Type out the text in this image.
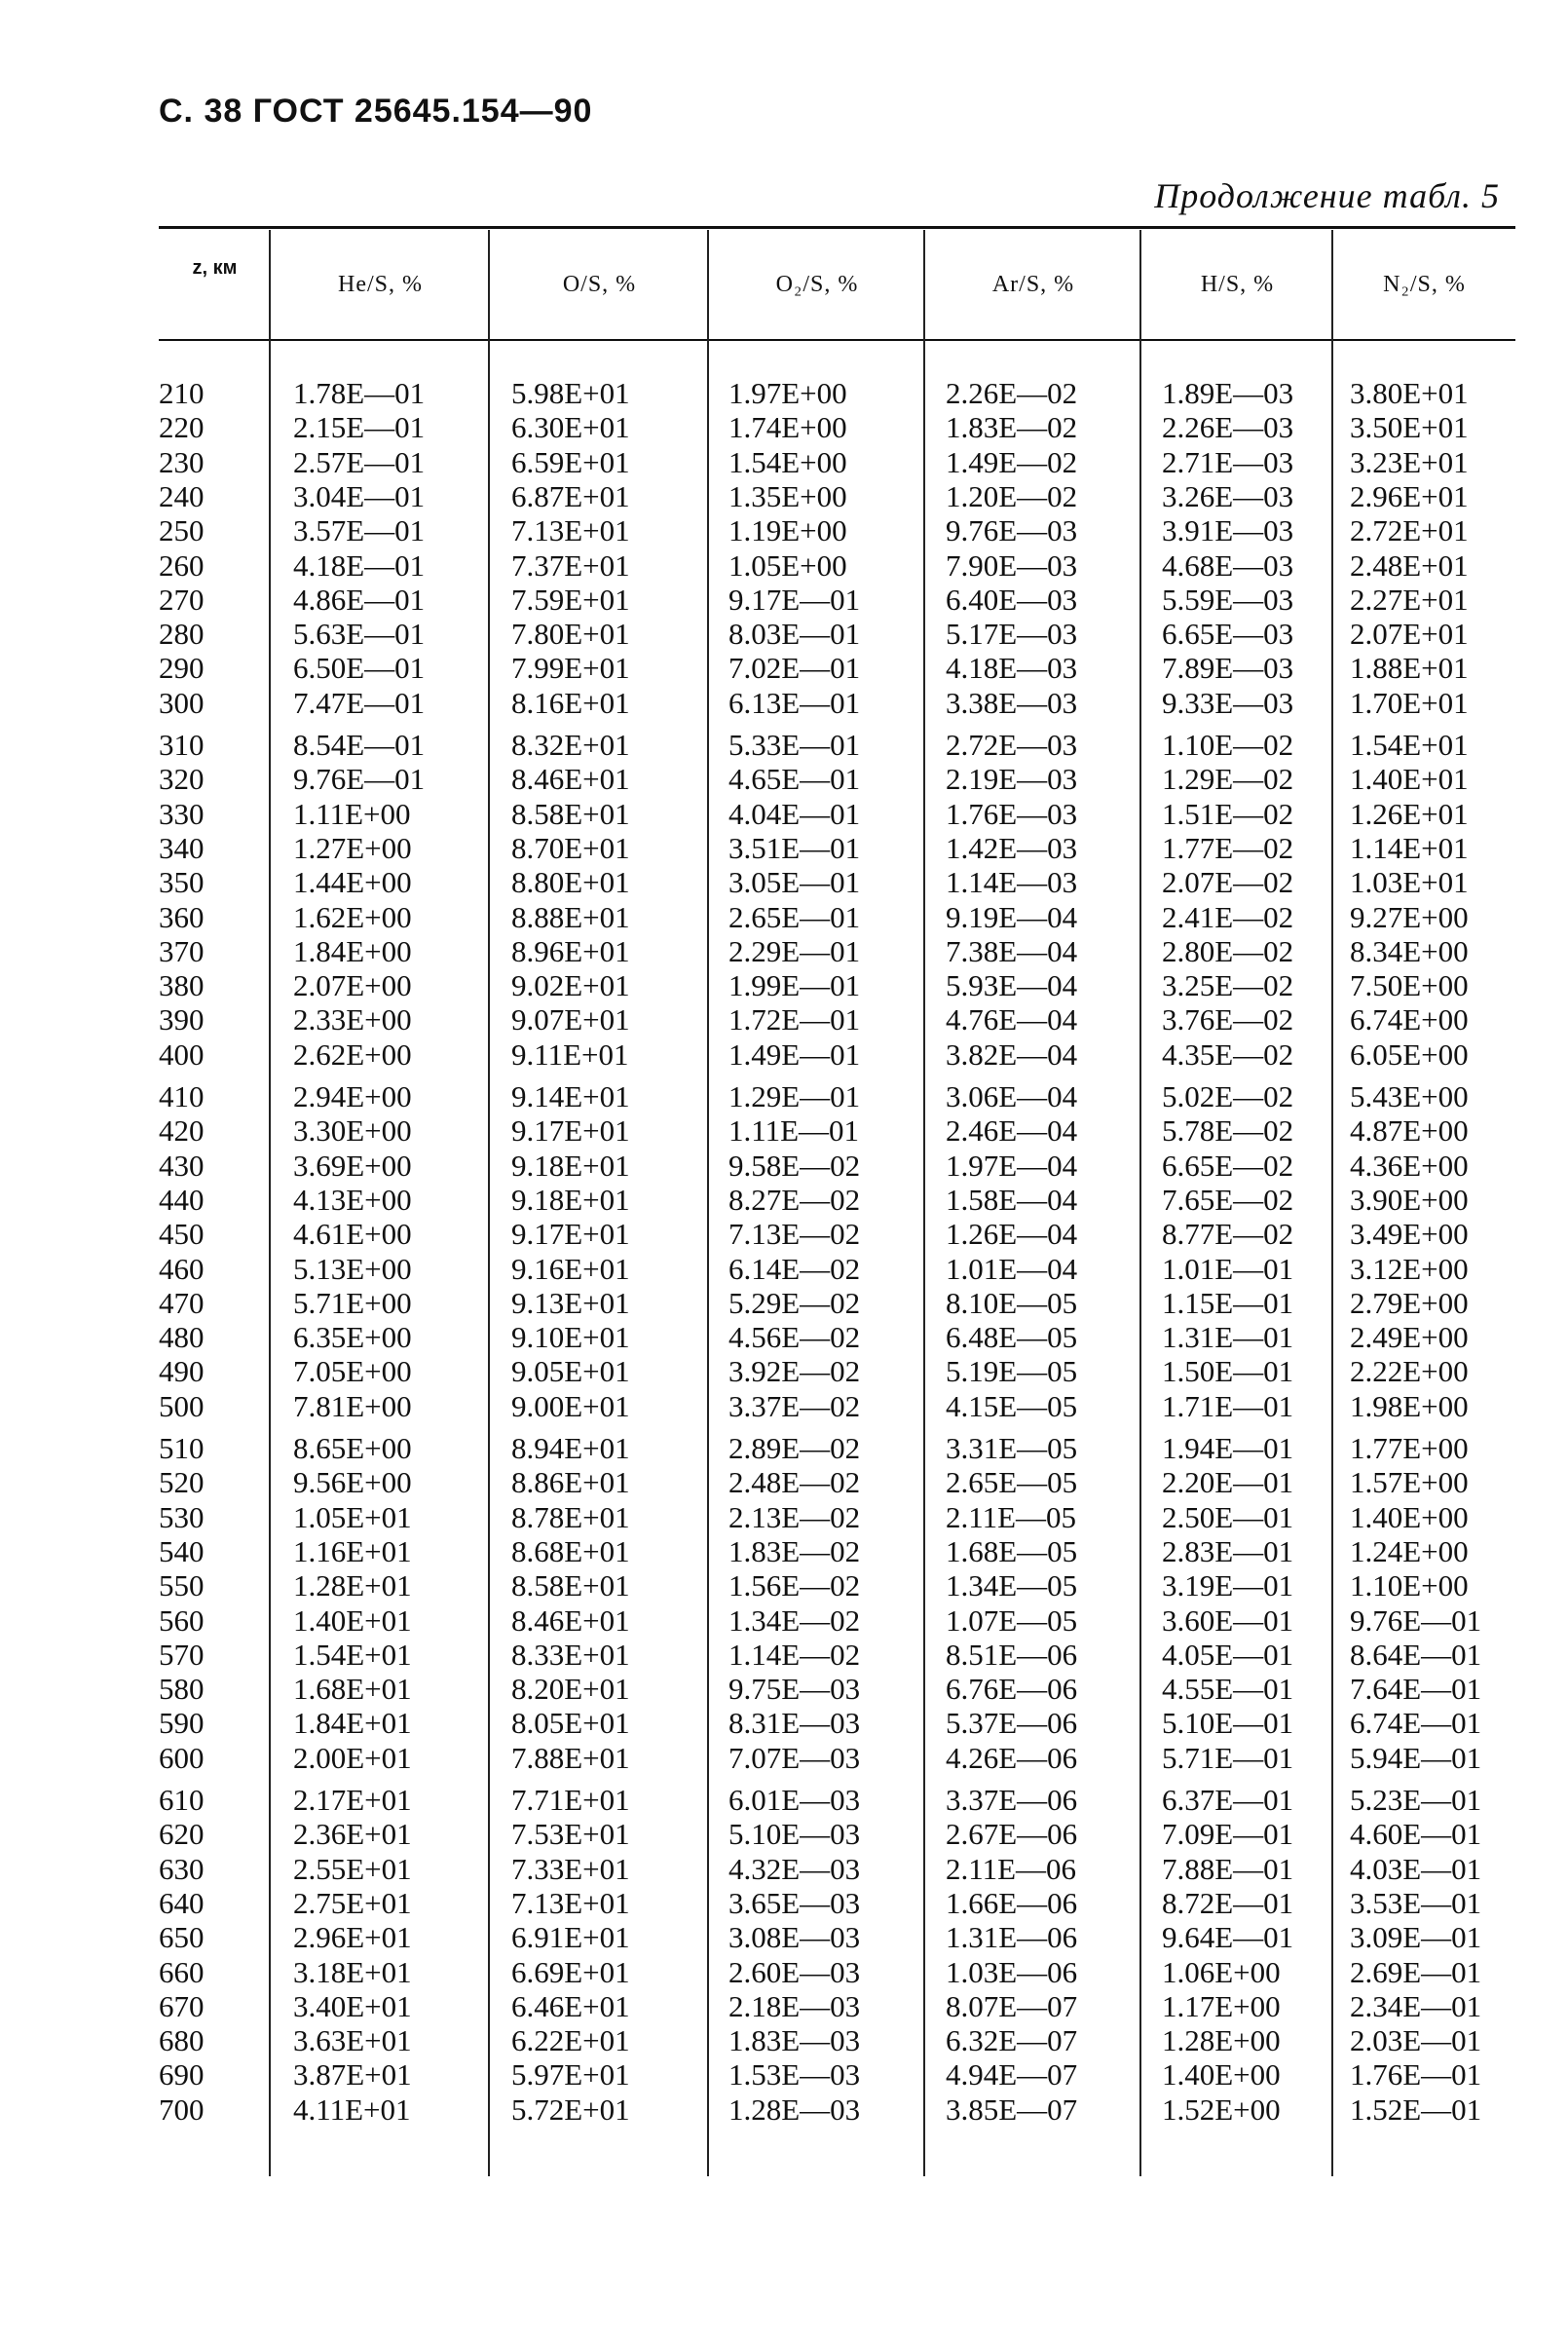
С. 38 ГОСТ 25645.154—90
Продолжение табл. 5
z, км
He/S, %	O/S, %	O₂/S, %	Ar/S, %	H/S, %	N₂/S, %
210	1.78E—01	5.98E+01	1.97E+00	2.26E—02	1.89E—03 3.80E+01
220	2.15E—01	6.30E+01	1.74E+00	1.83E—02	2.26E—03 3.50E+01
230	2.57E—01	6.59E+01	1.54E+00	1.49E—02	2.71E—03 3.23E+01
240	3.04E—01	6.87E+01	1.35E+00	1.20E—02	3.26E—03 2.96E+01
250	3.57E—01	7.13E+01	1.19E+00	9.76E—03	3.91E—03 2.72E+01
260	4.18E—01	7.37E+01	1.05E+00	7.90E—03	4.68E—03 2.48E+01
270	4.86E—01	7.59E+01	9.17E—01	6.40E—03	5.59E—03 2.27E+01
280	5.63E—01	7.80E+01	8.03E—01	5.17E—03	6.65E—03 2.07E+01
290	6.50E—01	7.99E+01	7.02E—01	4.18E—03	7.89E—03 1.88E+01
300	7.47E—01	8.16E+01	6.13E—01	3.38E—03	9.33E—03 1.70E+01
310	8.54E—01	8.32E+01	5.33E—01	2.72E—03	1.10E—02 1.54E+01
320	9.76E—01	8.46E+01	4.65E—01	2.19E—03	1.29E—02 1.40E+01
330	1.11E+00	8.58E+01	4.04E—01	1.76E—03	1.51E—02 1.26E+01
340	1.27E+00	8.70E+01	3.51E—01	1.42E—03	1.77E—02 1.14E+01
350	1.44E+00	8.80E+01	3.05E—01	1.14E—03	2.07E—02 1.03E+01
360	1.62E+00	8.88E+01	2.65E—01	9.19E—04	2.41E—02 9.27E+00
370	1.84E+00	8.96E+01	2.29E—01	7.38E—04	2.80E—02 8.34E+00
380	2.07E+00	9.02E+01	1.99E—01	5.93E—04	3.25E—02 7.50E+00
390	2.33E+00	9.07E+01	1.72E—01	4.76E—04	3.76E—02 6.74E+00
400	2.62E+00	9.11E+01	1.49E—01	3.82E—04	4.35E—02 6.05E+00
410	2.94E+00	9.14E+01	1.29E—01	3.06E—04	5.02E—02 5.43E+00
420	3.30E+00	9.17E+01	1.11E—01	2.46E—04	5.78E—02 4.87E+00
430	3.69E+00	9.18E+01	9.58E—02	1.97E—04	6.65E—02 4.36E+00
440	4.13E+00	9.18E+01	8.27E—02	1.58E—04	7.65E—02 3.90E+00
450	4.61E+00	9.17E+01	7.13E—02	1.26E—04	8.77E—02 3.49E+00
460	5.13E+00	9.16E+01	6.14E—02	1.01E—04	1.01E—01 3.12E+00
470	5.71E+00	9.13E+01	5.29E—02	8.10E—05	1.15E—01 2.79E+00
480	6.35E+00	9.10E+01	4.56E—02	6.48E—05	1.31E—01 2.49E+00
490	7.05E+00	9.05E+01	3.92E—02	5.19E—05	1.50E—01 2.22E+00
500	7.81E+00	9.00E+01	3.37E—02	4.15E—05	1.71E—01 1.98E+00
510	8.65E+00	8.94E+01	2.89E—02	3.31E—05	1.94E—01 1.77E+00
520	9.56E+00	8.86E+01	2.48E—02	2.65E—05	2.20E—01 1.57E+00
530	1.05E+01	8.78E+01	2.13E—02	2.11E—05	2.50E—01 1.40E+00
540	1.16E+01	8.68E+01	1.83E—02	1.68E—05	2.83E—01 1.24E+00
550	1.28E+01	8.58E+01	1.56E—02	1.34E—05	3.19E—01 1.10E+00
560	1.40E+01	8.46E+01	1.34E—02	1.07E—05	3.60E—01 9.76E—01
570	1.54E+01	8.33E+01	1.14E—02	8.51E—06	4.05E—01 8.64E—01
580	1.68E+01	8.20E+01	9.75E—03	6.76E—06	4.55E—01 7.64E—01
590	1.84E+01	8.05E+01	8.31E—03	5.37E—06	5.10E—01 6.74E—01
600	2.00E+01	7.88E+01	7.07E—03	4.26E—06	5.71E—01 5.94E—01
610	2.17E+01	7.71E+01	6.01E—03	3.37E—06	6.37E—01 5.23E—01
620	2.36E+01	7.53E+01	5.10E—03	2.67E—06	7.09E—01 4.60E—01
630	2.55E+01	7.33E+01	4.32E—03	2.11E—06	7.88E—01 4.03E—01
640	2.75E+01	7.13E+01	3.65E—03	1.66E—06	8.72E—01 3.53E—01
650	2.96E+01	6.91E+01	3.08E—03	1.31E—06	9.64E—01 3.09E—01
660	3.18E+01	6.69E+01	2.60E—03	1.03E—06	1.06E+00 2.69E—01
670	3.40E+01	6.46E+01	2.18E—03	8.07E—07	1.17E+00 2.34E—01
680	3.63E+01	6.22E+01	1.83E—03	6.32E—07	1.28E+00 2.03E—01
690	3.87E+01	5.97E+01	1.53E—03	4.94E—07	1.40E+00 1.76E—01
700	4.11E+01	5.72E+01	1.28E—03	3.85E—07	1.52E+00 1.52E—01
